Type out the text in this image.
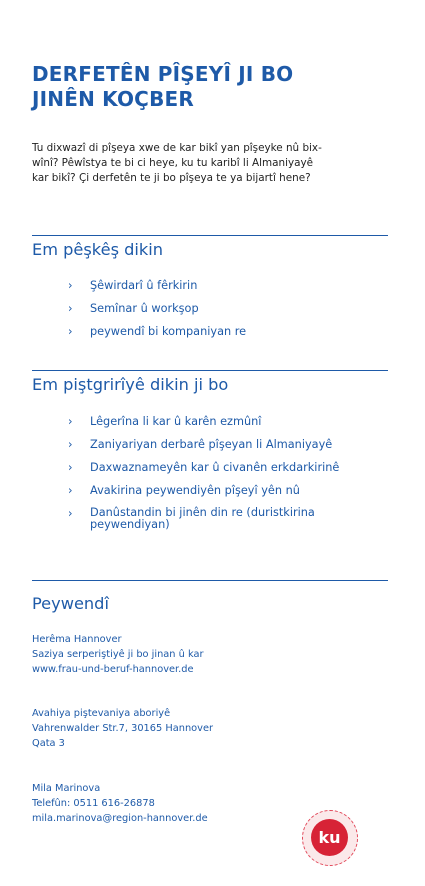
DERFETÊN PÎŞEYÎ JI BO
JINÊN KOÇBER
Tu dixwazî di pîşeya xwe de kar bikî yan pîşeyke nû bix-
wînî? Pêwîstya te bi ci heye, ku tu karibî li Almaniyayê
kar bikî? Çi derfetên te ji bo pîşeya te ya bijartî hene?
Em pêşkêş dikin
› Şêwirdarî û fêrkirin
› Semînar û workşop
› peywendî bi kompaniyan re
Em piştgrirîyê dikin ji bo
› Lêgerîna li kar û karên ezmûnî
› Zaniyariyan derbarê pîşeyan li Almaniyayê
› Daxwaznameyên kar û civanên erkdarkirinê
› Avakirina peywendiyên pîşeyî yên nû
› Danûstandin bi jinên din re (duristkirina peywendiyan)
Peywendî
Herêma Hannover
Saziya serperiştiyê ji bo jinan û kar
www.frau-und-beruf-hannover.de
Avahiya piştevaniya aboriyê
Vahrenwalder Str.7, 30165 Hannover
Qata 3
Mila Marinova
Telefûn: 0511 616-26878
mila.marinova@region-hannover.de
ku
